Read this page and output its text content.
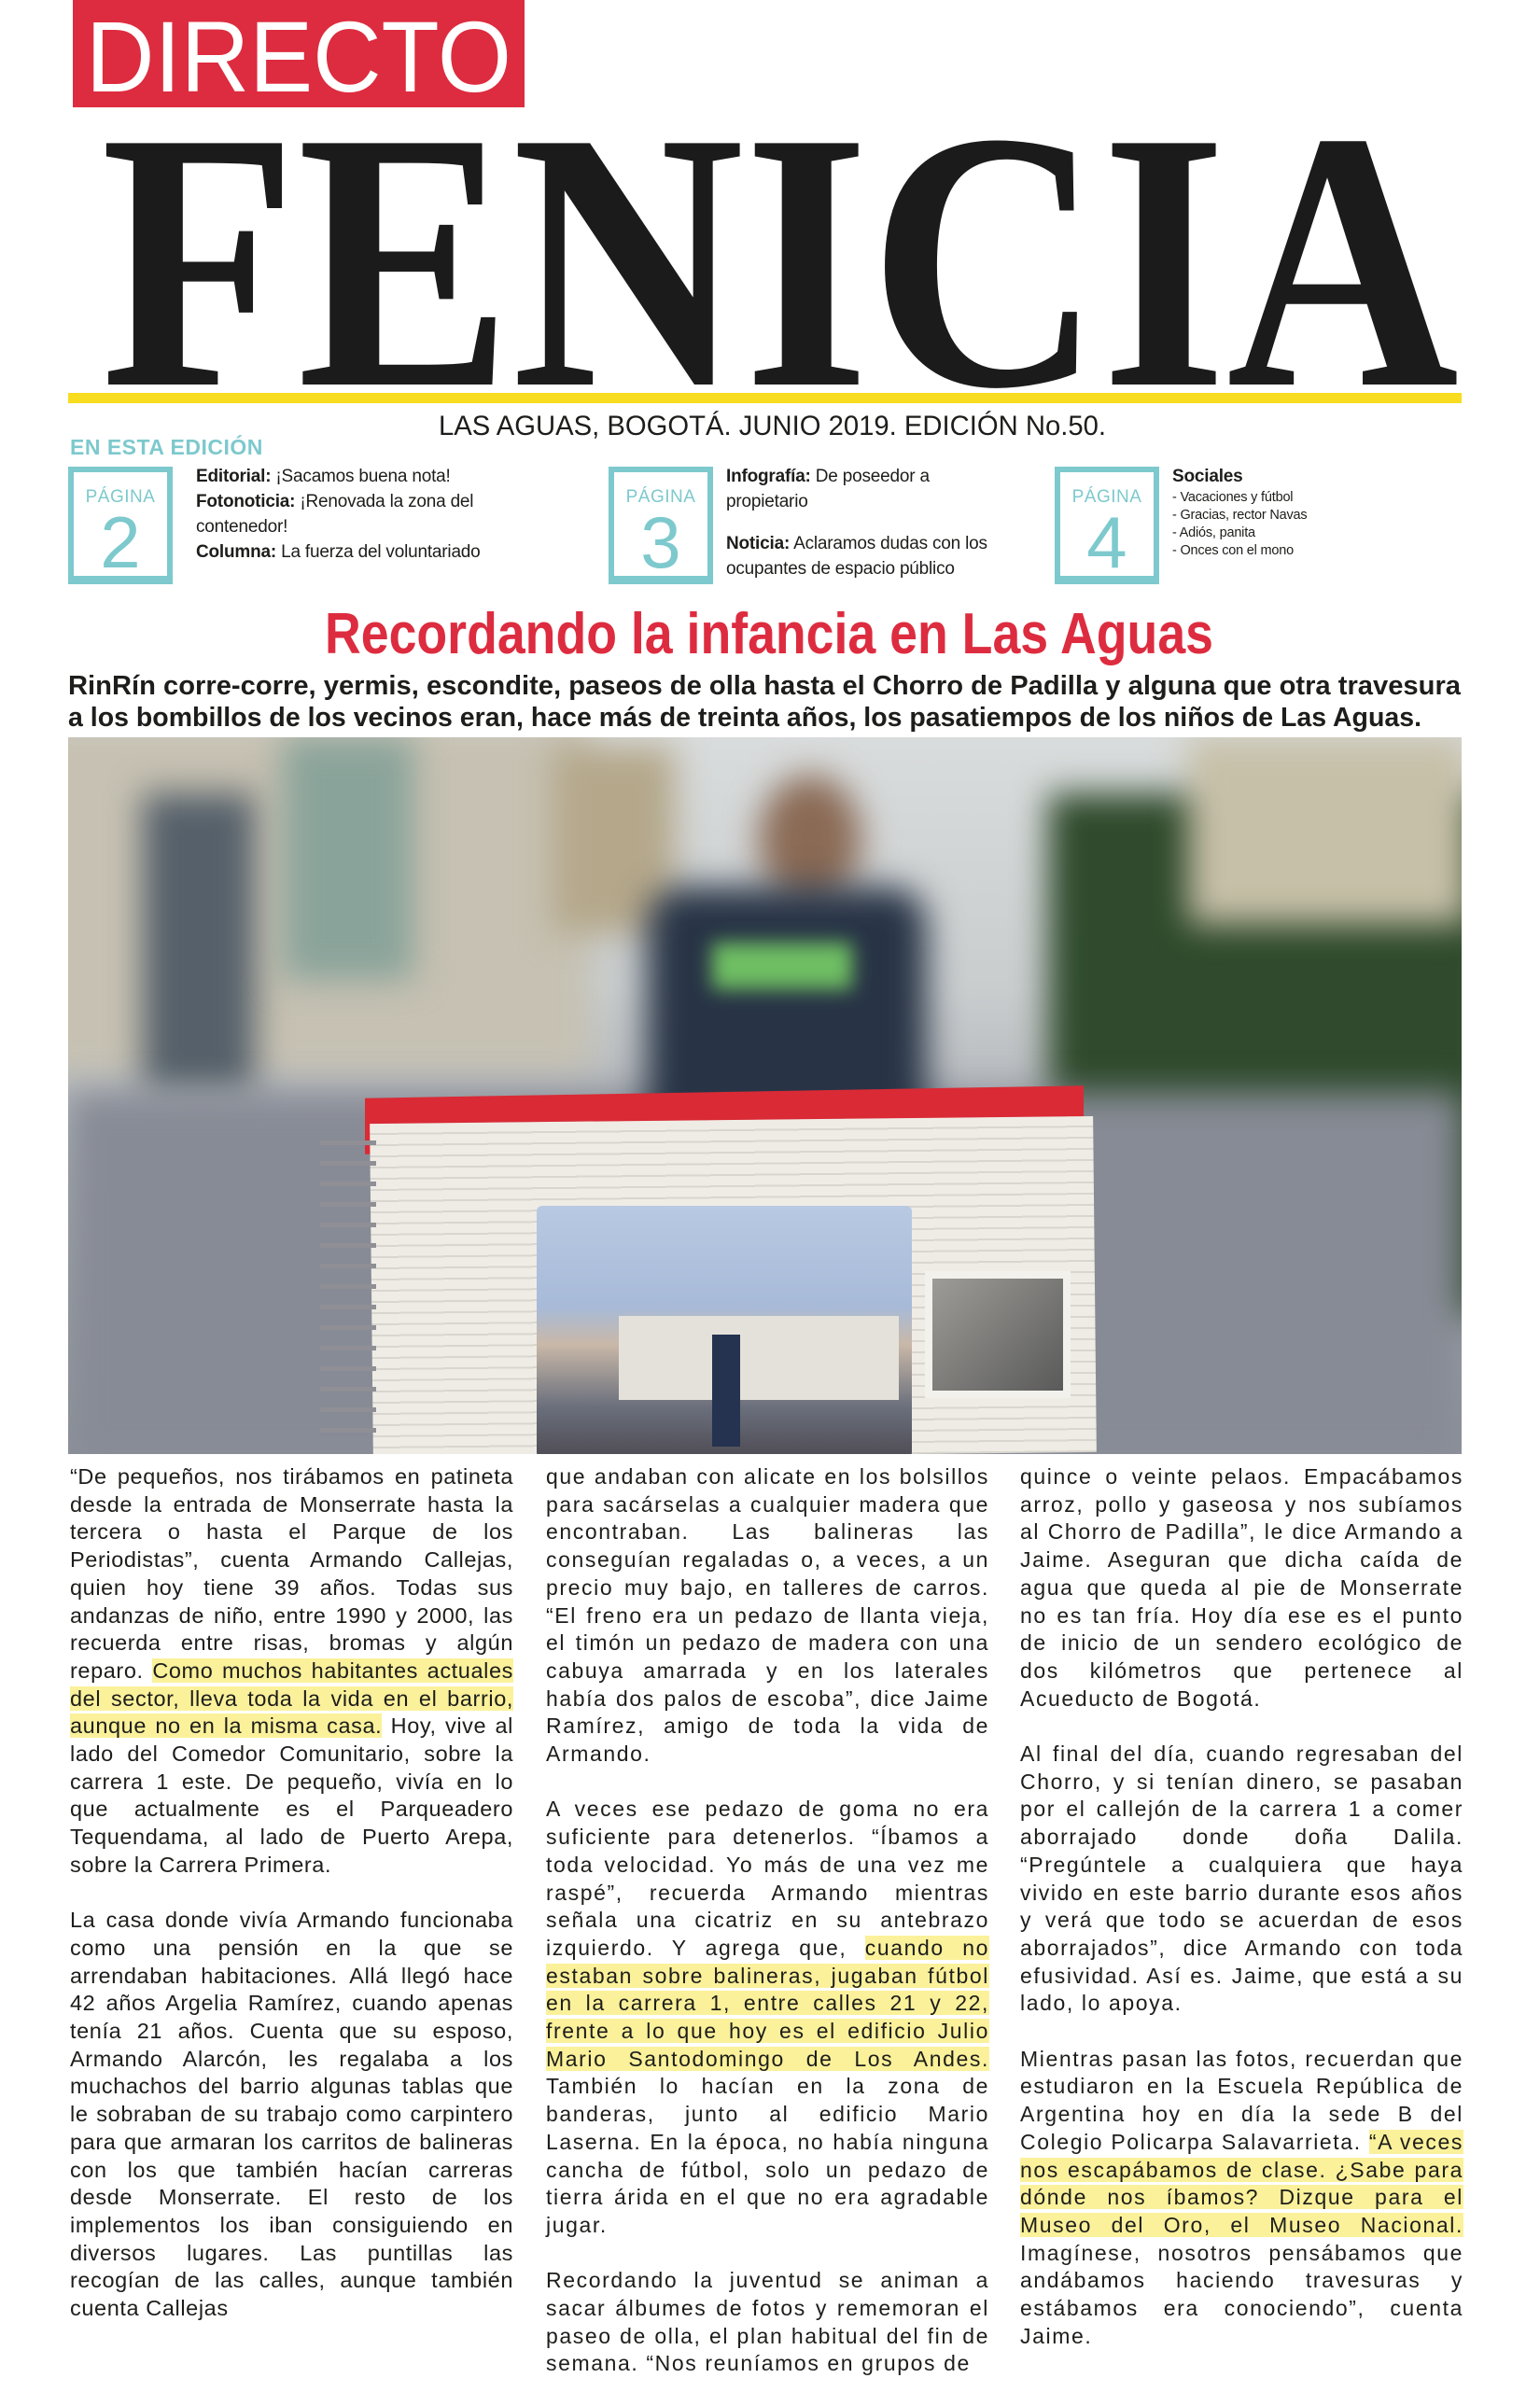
DIRECTO
FENICIA
LAS AGUAS, BOGOTÁ. JUNIO 2019. EDICIÓN No.50.
EN ESTA EDICIÓN
PÁGINA
2
Editorial: ¡Sacamos buena nota!
Fotonoticia: ¡Renovada la zona del contenedor!
Columna: La fuerza del voluntariado
PÁGINA
3
Infografía: De poseedor a propietario
Noticia: Aclaramos dudas con los ocupantes de espacio público
PÁGINA
4
Sociales
- Vacaciones y fútbol
- Gracias, rector Navas
- Adiós, panita
- Onces con el mono
Recordando la infancia en Las Aguas
RinRín corre-corre, yermis, escondite, paseos de olla hasta el Chorro de Padilla y alguna que otra travesura
a los bombillos de los vecinos eran, hace más de treinta años, los pasatiempos de los niños de Las Aguas.

“De pequeños, nos tirábamos en patineta desde la entrada de Monserrate hasta la tercera o hasta el Parque de los Periodistas”, cuenta Armando Callejas, quien hoy tiene 39 años. Todas sus andanzas de niño, entre 1990 y 2000, las recuerda entre risas, bromas y algún reparo. Como muchos habitantes actuales del sector, lleva toda la vida en el barrio, aunque no en la misma casa. Hoy, vive al lado del Comedor Comunitario, sobre la carrera 1 este. De pequeño, vivía en lo que actualmente es el Parqueadero Tequendama, al lado de Puerto Arepa, sobre la Carrera Primera.

La casa donde vivía Armando funcionaba como una pensión en la que se arrendaban habitaciones. Allá llegó hace 42 años Argelia Ramírez, cuando apenas tenía 21 años. Cuenta que su esposo, Armando Alarcón, les regalaba a los muchachos del barrio algunas tablas que le sobraban de su trabajo como carpintero para que armaran los carritos de balineras con los que también hacían carreras desde Monserrate. El resto de los implementos los iban consiguiendo en diversos lugares. Las puntillas las recogían de las calles, aunque también cuenta Callejas

que andaban con alicate en los bolsillos para sacárselas a cualquier madera que encontraban. Las balineras las conseguían regaladas o, a veces, a un precio muy bajo, en talleres de carros. “El freno era un pedazo de llanta vieja, el timón un pedazo de madera con una cabuya amarrada y en los laterales había dos palos de escoba”, dice Jaime Ramírez, amigo de toda la vida de Armando.

A veces ese pedazo de goma no era suficiente para detenerlos. “Íbamos a toda velocidad. Yo más de una vez me raspé”, recuerda Armando mientras señala una cicatriz en su antebrazo izquierdo. Y agrega que, cuando no estaban sobre balineras, jugaban fútbol en la carrera 1, entre calles 21 y 22, frente a lo que hoy es el edificio Julio Mario Santodomingo de Los Andes. También lo hacían en la zona de banderas, junto al edificio Mario Laserna. En la época, no había ninguna cancha de fútbol, solo un pedazo de tierra árida en el que no era agradable jugar.

Recordando la juventud se animan a sacar álbumes de fotos y rememoran el paseo de olla, el plan habitual del fin de semana. “Nos reuníamos en grupos de

quince o veinte pelaos. Empacábamos arroz, pollo y gaseosa y nos subíamos al Chorro de Padilla”, le dice Armando a Jaime. Aseguran que dicha caída de agua que queda al pie de Monserrate no es tan fría. Hoy día ese es el punto de inicio de un sendero ecológico de dos kilómetros que pertenece al Acueducto de Bogotá.

Al final del día, cuando regresaban del Chorro, y si tenían dinero, se pasaban por el callejón de la carrera 1 a comer aborrajado donde doña Dalila. “Pregúntele a cualquiera que haya vivido en este barrio durante esos años y verá que todo se acuerdan de esos aborrajados”, dice Armando con toda efusividad. Así es. Jaime, que está a su lado, lo apoya.

Mientras pasan las fotos, recuerdan que estudiaron en la Escuela República de Argentina hoy en día la sede B del Colegio Policarpa Salavarrieta. “A veces nos escapábamos de clase. ¿Sabe para dónde nos íbamos? Dizque para el Museo del Oro, el Museo Nacional. Imagínese, nosotros pensábamos que andábamos haciendo travesuras y estábamos era conociendo”, cuenta Jaime.
